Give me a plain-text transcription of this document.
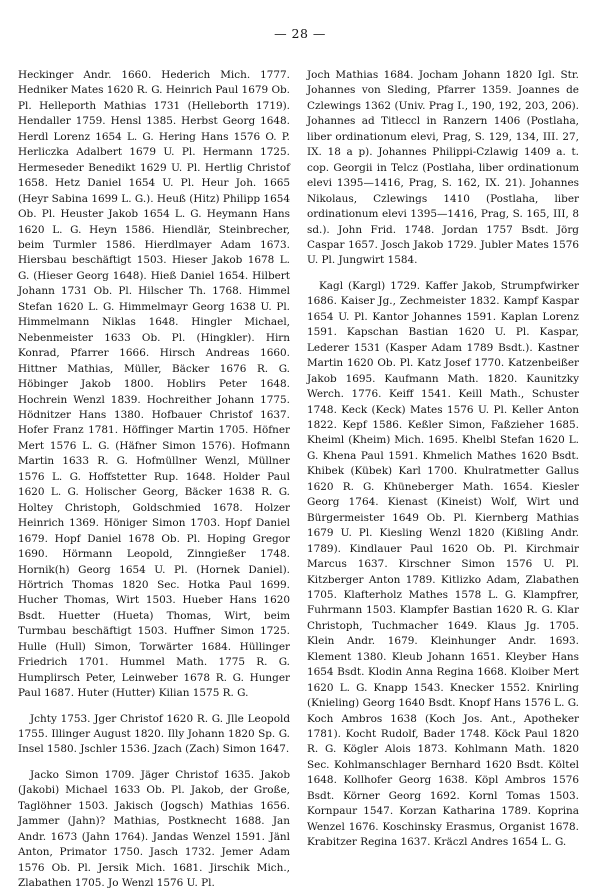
— 28 —

Heckinger Andr. 1660. Hederich Mich. 1777. Hedniker Mates 1620 R. G. Heinrich Paul 1679 Ob. Pl. Helleporth Mathias 1731 (Helleborth 1719). Hendaller 1759. Hensl 1385. Herbst Georg 1648. Herdl Lorenz 1654 L. G. Hering Hans 1576 O. P. Herliczka Adalbert 1679 U. Pl. Hermann 1725. Hermeseder Benedikt 1629 U. Pl. Hertlig Christof 1658. Hetz Daniel 1654 U. Pl. Heur Joh. 1665 (Heyr Sabina 1699 L. G.). Heuß (Hitz) Philipp 1654 Ob. Pl. Heuster Jakob 1654 L. G. Heymann Hans 1620 L. G. Heyn 1586. Hiendlär, Steinbrecher, beim Turmler 1586. Hierdlmayer Adam 1673. Hiersbau beschäftigt 1503. Hieser Jakob 1678 L. G. (Hieser Georg 1648). Hieß Daniel 1654. Hilbert Johann 1731 Ob. Pl. Hilscher Th. 1768. Himmel Stefan 1620 L. G. Himmelmayr Georg 1638 U. Pl. Himmelmann Niklas 1648. Hingler Michael, Nebenmeister 1633 Ob. Pl. (Hingkler). Hirn Konrad, Pfarrer 1666. Hirsch Andreas 1660. Hittner Mathias, Müller, Bäcker 1676 R. G. Höbinger Jakob 1800. Hoblirs Peter 1648. Hochrein Wenzl 1839. Hochreither Johann 1775. Hödnitzer Hans 1380. Hofbauer Christof 1637. Hofer Franz 1781. Höffinger Martin 1705. Höfner Mert 1576 L. G. (Häfner Simon 1576). Hofmann Martin 1633 R. G. Hofmüllner Wenzl, Müllner 1576 L. G. Hoffstetter Rup. 1648. Holder Paul 1620 L. G. Holischer Georg, Bäcker 1638 R. G. Holtey Christoph, Goldschmied 1678. Holzer Heinrich 1369. Höniger Simon 1703. Hopf Daniel 1679. Hopf Daniel 1678 Ob. Pl. Hoping Gregor 1690. Hörmann Leopold, Zinngießer 1748. Hornik(h) Georg 1654 U. Pl. (Hornek Daniel). Hörtrich Thomas 1820 Sec. Hotka Paul 1699. Hucher Thomas, Wirt 1503. Hueber Hans 1620 Bsdt. Huetter (Hueta) Thomas, Wirt, beim Turmbau beschäftigt 1503. Huffner Simon 1725. Hulle (Hull) Simon, Torwärter 1684. Hüllinger Friedrich 1701. Hummel Math. 1775 R. G. Humplirsch Peter, Leinweber 1678 R. G. Hunger Paul 1687. Huter (Hutter) Kilian 1575 R. G.

Jchty 1753. Jger Christof 1620 R. G. Jlle Leopold 1755. Illinger August 1820. Illy Johann 1820 Sp. G. Insel 1580. Jschler 1536. Jzach (Zach) Simon 1647.

Jacko Simon 1709. Jäger Christof 1635. Jakob (Jakobi) Michael 1633 Ob. Pl. Jakob, der Große, Taglöhner 1503. Jakisch (Jogsch) Mathias 1656. Jammer (Jahn)? Mathias, Postknecht 1688. Jan Andr. 1673 (Jahn 1764). Jandas Wenzel 1591. Jänl Anton, Primator 1750. Jasch 1732. Jemer Adam 1576 Ob. Pl. Jersik Mich. 1681. Jirschik Mich., Zlabathen 1705. Jo Wenzl 1576 U. Pl.

Joch Mathias 1684. Jocham Johann 1820 Igl. Str. Johannes von Sleding, Pfarrer 1359. Joannes de Czlewings 1362 (Univ. Prag I., 190, 192, 203, 206). Johannes ad Titleccl in Ranzern 1406 (Postlaha, liber ordinationum elevi, Prag, S. 129, 134, III. 27, IX. 18 a p). Johannes Philippi-Czlawig 1409 a. t. cop. Georgii in Telcz (Postlaha, liber ordinationum elevi 1395—1416, Prag, S. 162, IX. 21). Johannes Nikolaus, Czlewings 1410 (Postlaha, liber ordinationum elevi 1395—1416, Prag, S. 165, III, 8 sd.). John Frid. 1748. Jordan 1757 Bsdt. Jörg Caspar 1657. Josch Jakob 1729. Jubler Mates 1576 U. Pl. Jungwirt 1584.

Kagl (Kargl) 1729. Kaffer Jakob, Strumpfwirker 1686. Kaiser Jg., Zechmeister 1832. Kampf Kaspar 1654 U. Pl. Kantor Johannes 1591. Kaplan Lorenz 1591. Kapschan Bastian 1620 U. Pl. Kaspar, Lederer 1531 (Kasper Adam 1789 Bsdt.). Kastner Martin 1620 Ob. Pl. Katz Josef 1770. Katzenbeißer Jakob 1695. Kaufmann Math. 1820. Kaunitzky Werch. 1776. Keiff 1541. Keill Math., Schuster 1748. Keck (Keck) Mates 1576 U. Pl. Keller Anton 1822. Kepf 1586. Keßler Simon, Faßzieher 1685. Kheiml (Kheim) Mich. 1695. Khelbl Stefan 1620 L. G. Khena Paul 1591. Khmelich Mathes 1620 Bsdt. Khibek (Kübek) Karl 1700. Khulratmetter Gallus 1620 R. G. Khüneberger Math. 1654. Kiesler Georg 1764. Kienast (Kineist) Wolf, Wirt und Bürgermeister 1649 Ob. Pl. Kiernberg Mathias 1679 U. Pl. Kiesling Wenzl 1820 (Kißling Andr. 1789). Kindlauer Paul 1620 Ob. Pl. Kirchmair Marcus 1637. Kirschner Simon 1576 U. Pl. Kitzberger Anton 1789. Kitlizko Adam, Zlabathen 1705. Klafterholz Mathes 1578 L. G. Klampfrer, Fuhrmann 1503. Klampfer Bastian 1620 R. G. Klar Christoph, Tuchmacher 1649. Klaus Jg. 1705. Klein Andr. 1679. Kleinhunger Andr. 1693. Klement 1380. Kleub Johann 1651. Kleyber Hans 1654 Bsdt. Klodin Anna Regina 1668. Kloiber Mert 1620 L. G. Knapp 1543. Knecker 1552. Knirling (Knieling) Georg 1640 Bsdt. Knopf Hans 1576 L. G. Koch Ambros 1638 (Koch Jos. Ant., Apotheker 1781). Kocht Rudolf, Bader 1748. Köck Paul 1820 R. G. Kögler Alois 1873. Kohlmann Math. 1820 Sec. Kohlmanschlager Bernhard 1620 Bsdt. Költel 1648. Kollhofer Georg 1638. Köpl Ambros 1576 Bsdt. Körner Georg 1692. Kornl Tomas 1503. Kornpaur 1547. Korzan Katharina 1789. Koprina Wenzel 1676. Koschinsky Erasmus, Organist 1678. Krabitzer Regina 1637. Kräczl Andres 1654 L. G.
